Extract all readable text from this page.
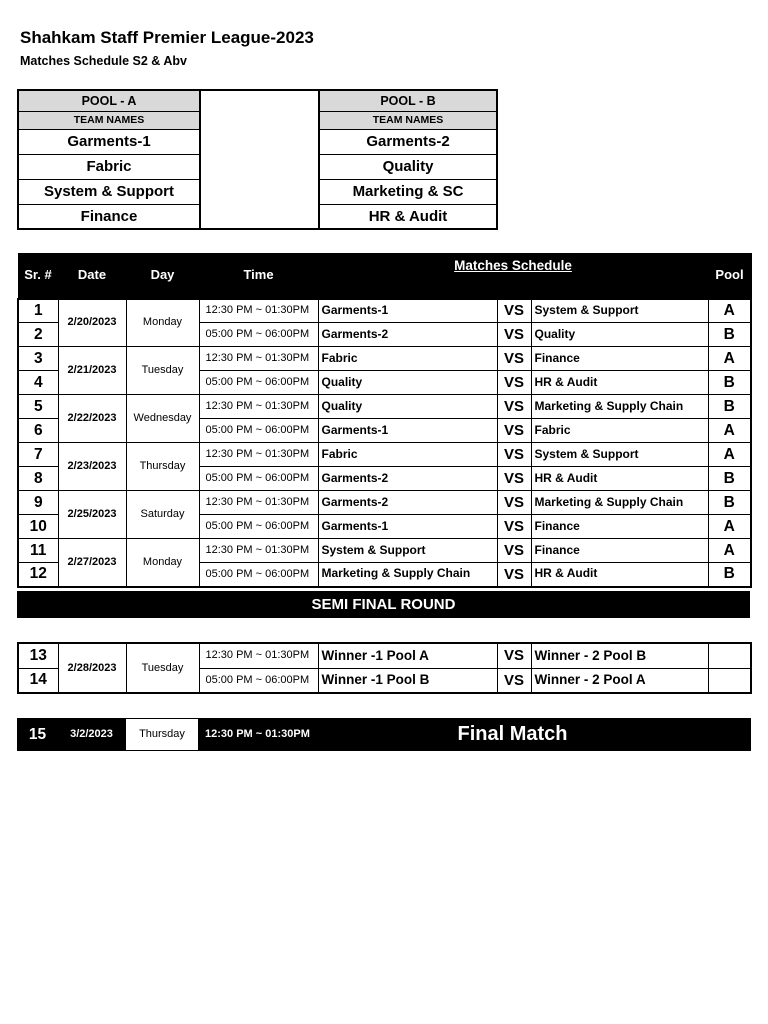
Shahkam Staff Premier League-2023
Matches Schedule S2 & Abv
POOL - A		POOL - B
TEAM NAMES		TEAM NAMES
Garments-1		Garments-2
Fabric		Quality
System & Support		Marketing & SC
Finance		HR & Audit
Sr. #	Date	Day	Time	Matches Schedule			Pool
1	2/20/2023	Monday	12:30 PM ~ 01:30PM	Garments-1	VS	System & Support	A
2			05:00 PM ~ 06:00PM	Garments-2	VS	Quality	B
3	2/21/2023	Tuesday	12:30 PM ~ 01:30PM	Fabric	VS	Finance	A
4			05:00 PM ~ 06:00PM	Quality	VS	HR & Audit	B
5	2/22/2023	Wednesday	12:30 PM ~ 01:30PM	Quality	VS	Marketing & Supply Chain	B
6			05:00 PM ~ 06:00PM	Garments-1	VS	Fabric	A
7	2/23/2023	Thursday	12:30 PM ~ 01:30PM	Fabric	VS	System & Support	A
8			05:00 PM ~ 06:00PM	Garments-2	VS	HR & Audit	B
9	2/25/2023	Saturday	12:30 PM ~ 01:30PM	Garments-2	VS	Marketing & Supply Chain	B
10			05:00 PM ~ 06:00PM	Garments-1	VS	Finance	A
11	2/27/2023	Monday	12:30 PM ~ 01:30PM	System & Support	VS	Finance	A
12			05:00 PM ~ 06:00PM	Marketing & Supply Chain	VS	HR & Audit	B
SEMI FINAL ROUND
13	2/28/2023	Tuesday	12:30 PM ~ 01:30PM	Winner -1 Pool A	VS	Winner - 2 Pool B	
14			05:00 PM ~ 06:00PM	Winner -1 Pool B	VS	Winner - 2 Pool A	
15	3/2/2023	Thursday	12:30 PM ~ 01:30PM	Final Match	
